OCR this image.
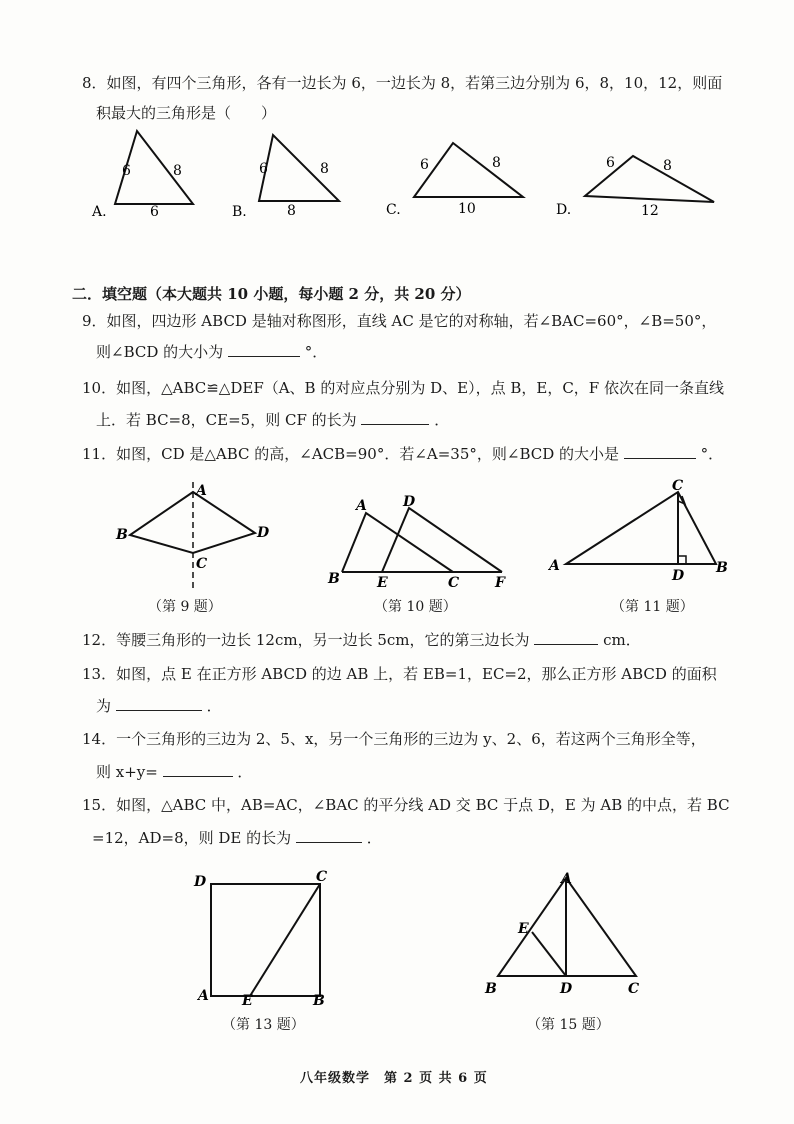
8．如图，有四个三角形，各有一边长为 6，一边长为 8，若第三边分别为 6，8，10，12，则面
积最大的三角形是（　　）
A.
6	8
6	B.
6	8
8	C.
6	8
10	D.
6	8
12
二．填空题（本大题共 10 小题，每小题 2 分，共 20 分）
9．如图，四边形 ABCD 是轴对称图形，直线 AC 是它的对称轴，若∠BAC=60°，∠B=50°，
则∠BCD 的大小为	°．
10．如图，△ABC≌△DEF（A、B 的对应点分别为 D、E），点 B，E，C，F 依次在同一条直线
上．若 BC=8，CE=5，则 CF 的长为	．
11．如图，CD 是△ABC 的高，∠ACB=90°．若∠A=35°，则∠BCD 的大小是	°．
A
B
C
D
（第 9 题）
A	D
B	E	C	F
（第 10 题）
C
A
D B
（第 11 题）
12．等腰三角形的一边长 12cm，另一边长 5cm，它的第三边长为	cm．
13．如图，点 E 在正方形 ABCD 的边 AB 上，若 EB=1，EC=2，那么正方形 ABCD 的面积
为	．
14．一个三角形的三边为 2、5、x，另一个三角形的三边为 y、2、6，若这两个三角形全等，
则 x+y=	．
15．如图，△ABC 中，AB=AC，∠BAC 的平分线 AD 交 BC 于点 D，E 为 AB 的中点，若 BC
=12，AD=8，则 DE 的长为	．
D	C
A E	B
（第 13 题）
A
E
B	D	C
（第 15 题）
八年级数学　第 2 页 共 6 页
